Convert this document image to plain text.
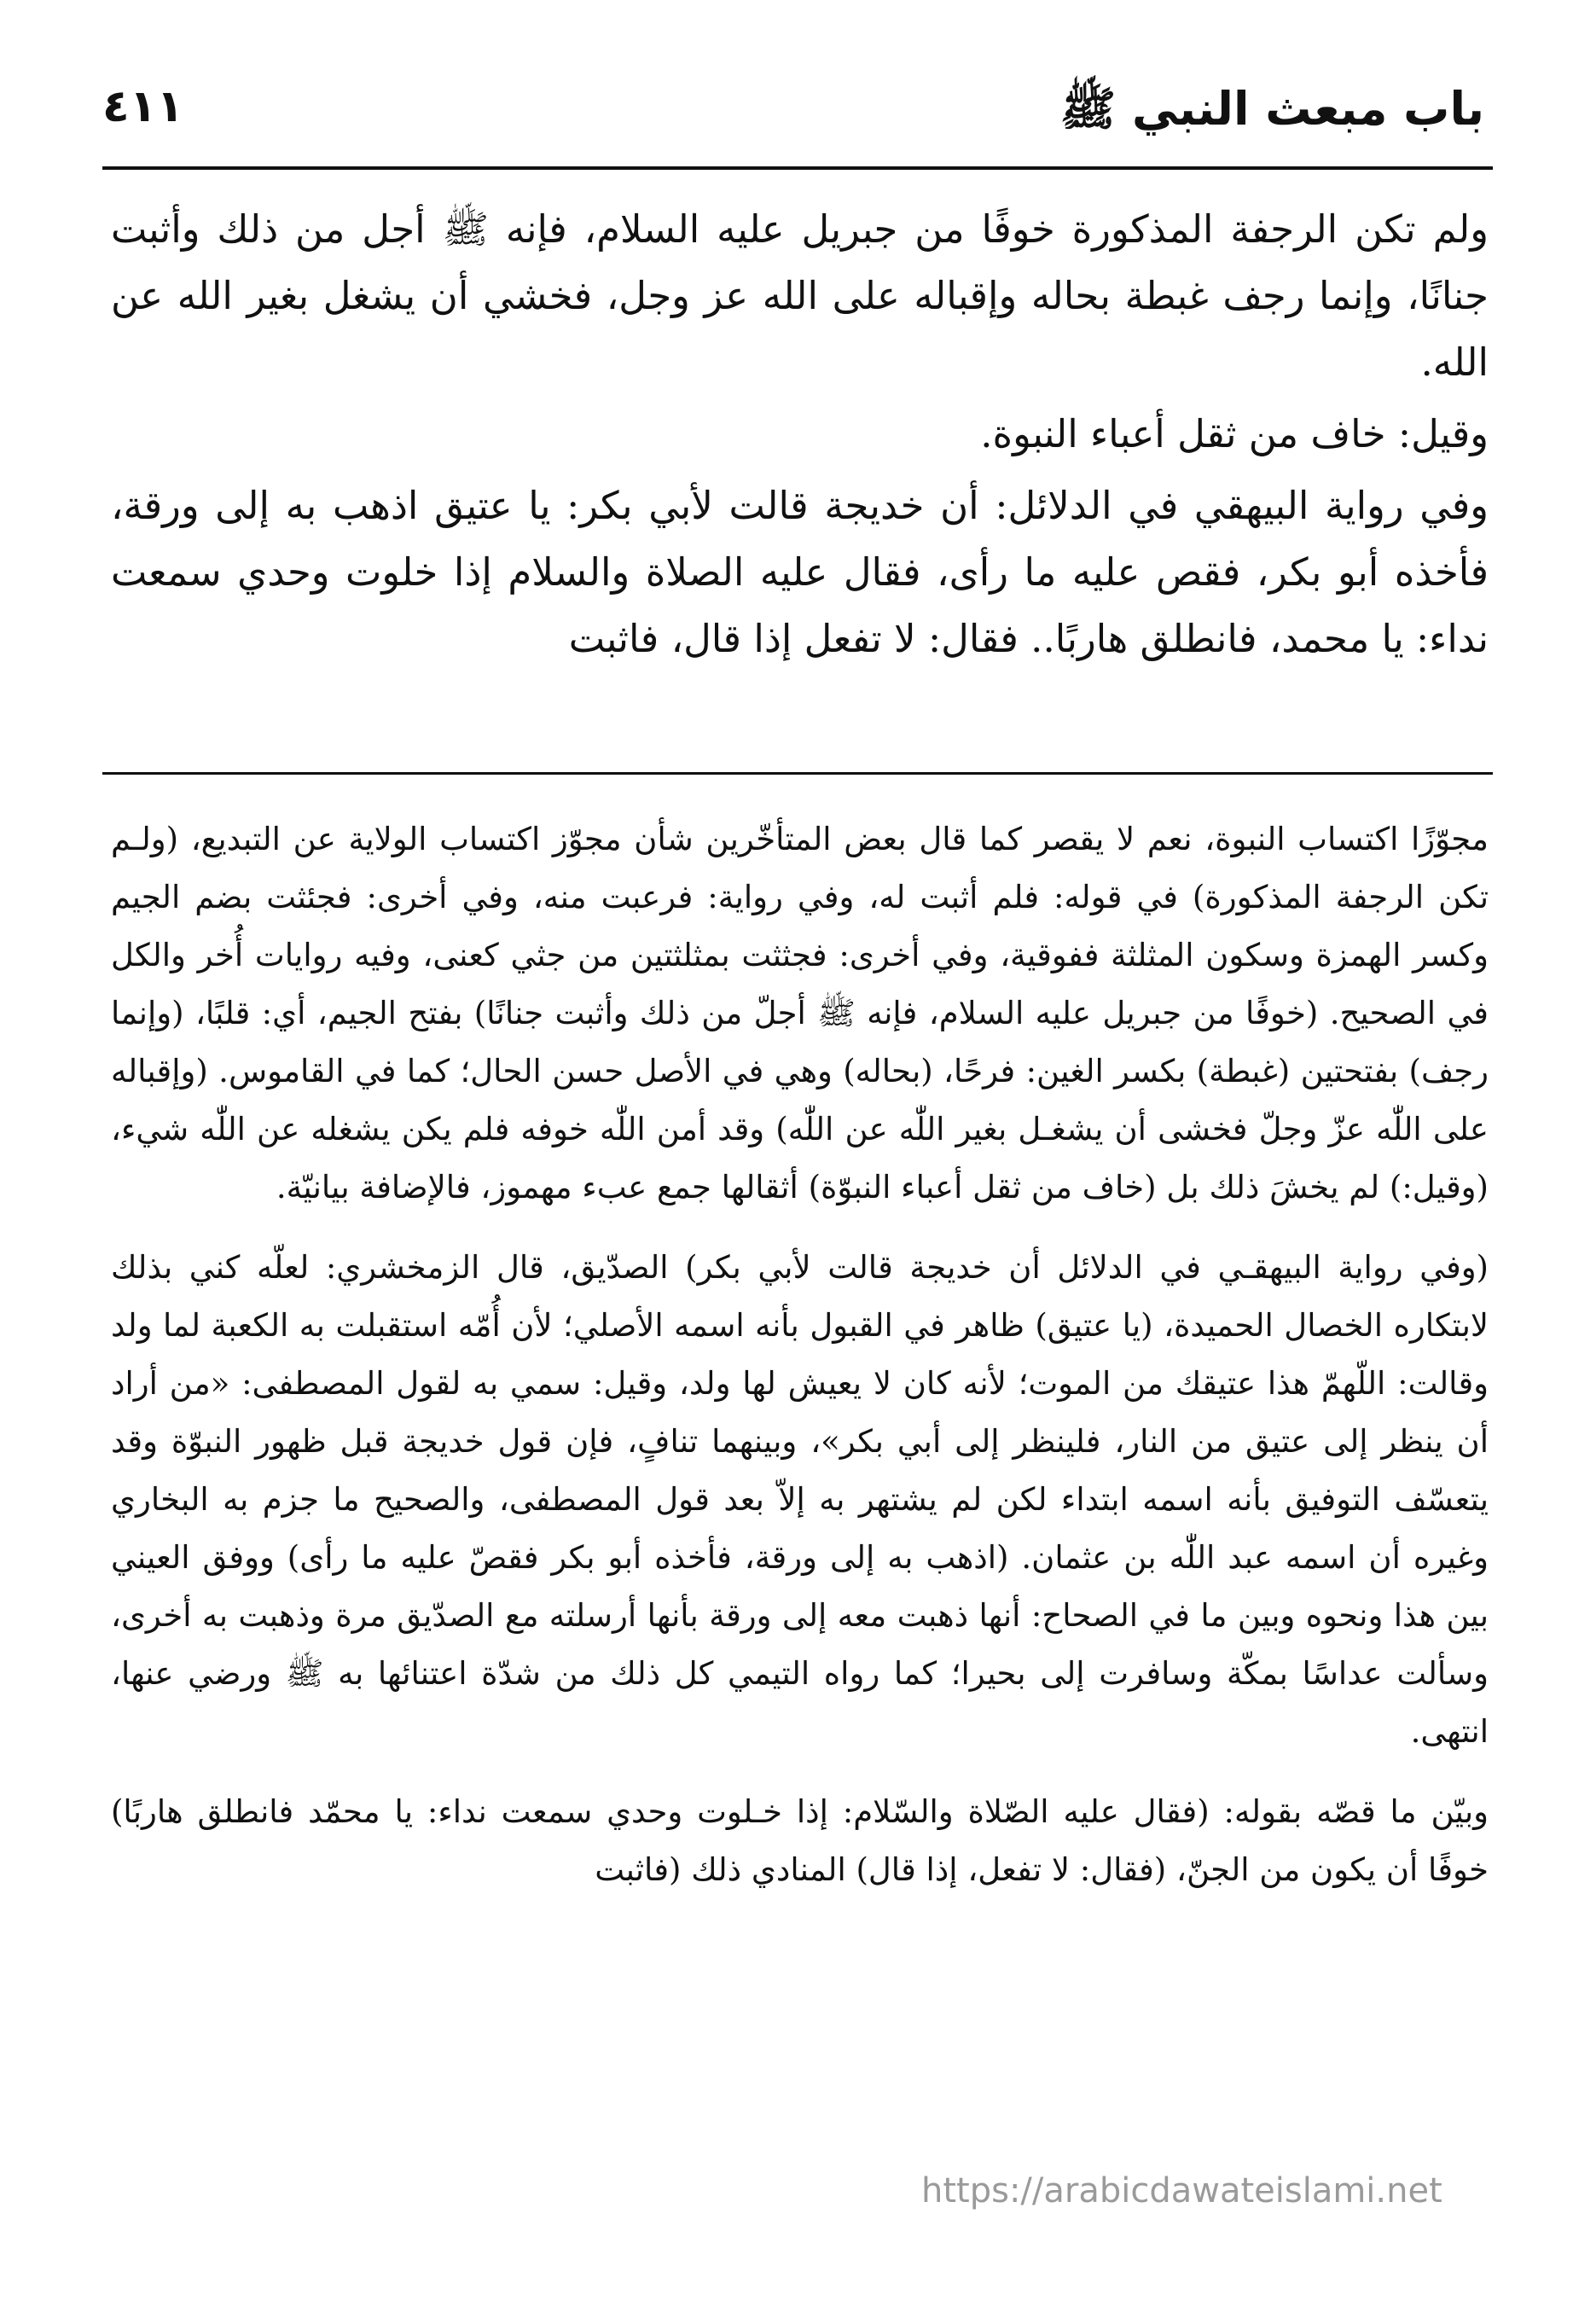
باب مبعث النبي ﷺ
٤١١

ولم تكن الرجفة المذكورة خوفًا من جبريل عليه السلام، فإنه ﷺ أجل من ذلك وأثبت جنانًا، وإنما رجف غبطة بحاله وإقباله على الله عز وجل، فخشي أن يشغل بغير الله عن الله.

وقيل: خاف من ثقل أعباء النبوة.

وفي رواية البيهقي في الدلائل: أن خديجة قالت لأبي بكر: يا عتيق اذهب به إلى ورقة، فأخذه أبو بكر، فقص عليه ما رأى، فقال عليه الصلاة والسلام إذا خلوت وحدي سمعت نداء: يا محمد، فانطلق هاربًا.. فقال: لا تفعل إذا قال، فاثبت

مجوّزًا اكتساب النبوة، نعم لا يقصر كما قال بعض المتأخّرين شأن مجوّز اكتساب الولاية عن التبديع، (ولـم تكن الرجفة المذكورة) في قوله: فلم أثبت له، وفي رواية: فرعبت منه، وفي أخرى: فجئثت بضم الجيم وكسر الهمزة وسكون المثلثة ففوقية، وفي أخرى: فجثثت بمثلثتين من جثي كعنى، وفيه روايات أُخر والكل في الصحيح. (خوفًا من جبريل عليه السلام، فإنه ﷺ أجلّ من ذلك وأثبت جنانًا) بفتح الجيم، أي: قلبًا، (وإنما رجف) بفتحتين (غبطة) بكسر الغين: فرحًا، (بحاله) وهي في الأصل حسن الحال؛ كما في القاموس. (وإقباله على اللّٰه عزّ وجلّ فخشى أن يشغـل بغير اللّٰه عن اللّٰه) وقد أمن اللّٰه خوفه فلم يكن يشغله عن اللّٰه شيء، (وقيل:) لم يخشَ ذلك بل (خاف من ثقل أعباء النبوّة) أثقالها جمع عبء مهموز، فالإضافة بيانيّة.

(وفي رواية البيهقـي في الدلائل أن خديجة قالت لأبي بكر) الصدّيق، قال الزمخشري: لعلّه كني بذلك لابتكاره الخصال الحميدة، (يا عتيق) ظاهر في القبول بأنه اسمه الأصلي؛ لأن أُمّه استقبلت به الكعبة لما ولد وقالت: اللّهمّ هذا عتيقك من الموت؛ لأنه كان لا يعيش لها ولد، وقيل: سمي به لقول المصطفى: «من أراد أن ينظر إلى عتيق من النار، فلينظر إلى أبي بكر»، وبينهما تنافٍ، فإن قول خديجة قبل ظهور النبوّة وقد يتعسّف التوفيق بأنه اسمه ابتداء لكن لم يشتهر به إلاّ بعد قول المصطفى، والصحيح ما جزم به البخاري وغيره أن اسمه عبد اللّٰه بن عثمان. (اذهب به إلى ورقة، فأخذه أبو بكر فقصّ عليه ما رأى) ووفق العيني بين هذا ونحوه وبين ما في الصحاح: أنها ذهبت معه إلى ورقة بأنها أرسلته مع الصدّيق مرة وذهبت به أخرى، وسألت عداسًا بمكّة وسافرت إلى بحيرا؛ كما رواه التيمي كل ذلك من شدّة اعتنائها به ﷺ ورضي عنها، انتهى.

وبيّن ما قصّه بقوله: (فقال عليه الصّلاة والسّلام: إذا خـلوت وحدي سمعت نداء: يا محمّد فانطلق هاربًا) خوفًا أن يكون من الجنّ، (فقال: لا تفعل، إذا قال) المنادي ذلك (فاثبت

https://arabicdawateislami.net
